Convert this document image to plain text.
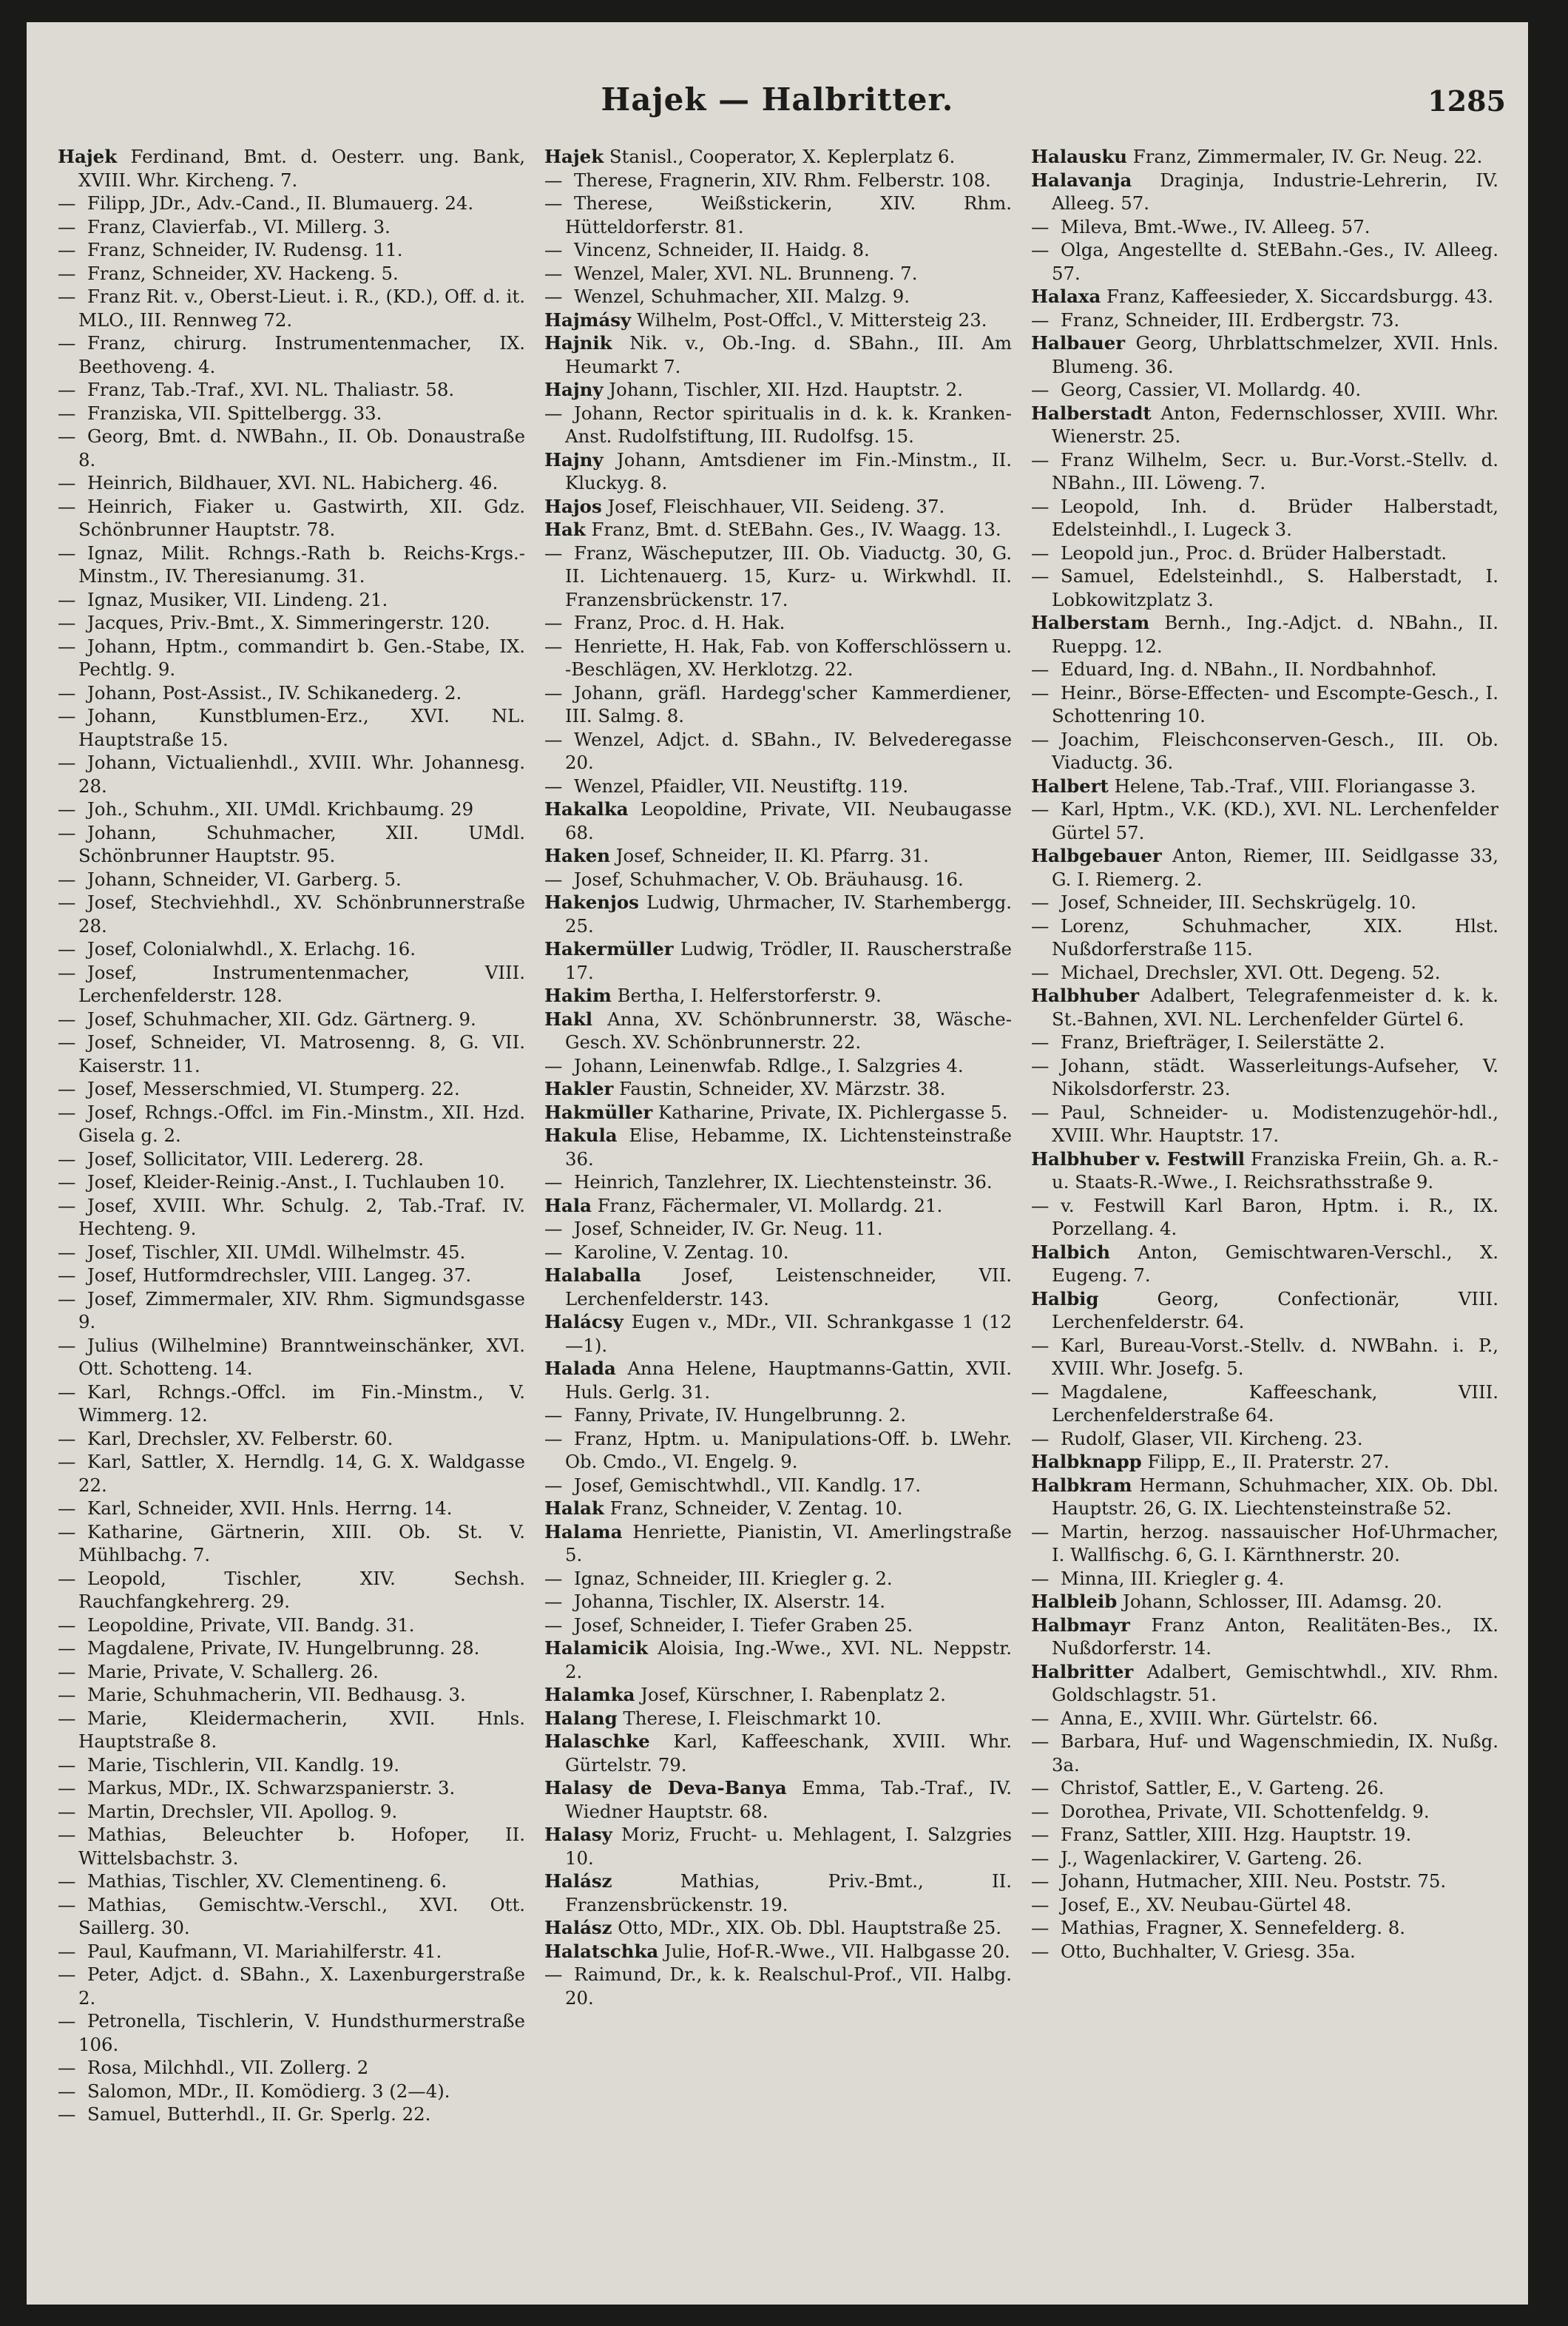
Hajek — Halbritter.	1285

Hajek Ferdinand, Bmt. d. Oesterr. ung. Bank, XVIII. Whr. Kircheng. 7.

— Filipp, JDr., Adv.-Cand., II. Blumauerg. 24.

— Franz, Clavierfab., VI. Millerg. 3.

— Franz, Schneider, IV. Rudensg. 11.

— Franz, Schneider, XV. Hackeng. 5.

— Franz Rit. v., Oberst-Lieut. i. R., (KD.), Off. d. it. MLO., III. Rennweg 72.

— Franz, chirurg. Instrumentenmacher, IX. Beethoveng. 4.

— Franz, Tab.-Traf., XVI. NL. Thaliastr. 58.

— Franziska, VII. Spittelbergg. 33.

— Georg, Bmt. d. NWBahn., II. Ob. Donaustraße 8.

— Heinrich, Bildhauer, XVI. NL. Habicherg. 46.

— Heinrich, Fiaker u. Gastwirth, XII. Gdz. Schönbrunner Hauptstr. 78.

— Ignaz, Milit. Rchngs.-Rath b. Reichs-Krgs.-Minstm., IV. Theresianumg. 31.

— Ignaz, Musiker, VII. Lindeng. 21.

— Jacques, Priv.-Bmt., X. Simmeringerstr. 120.

— Johann, Hptm., commandirt b. Gen.-Stabe, IX. Pechtlg. 9.

— Johann, Post-Assist., IV. Schikanederg. 2.

— Johann, Kunstblumen-Erz., XVI. NL. Hauptstraße 15.

— Johann, Victualienhdl., XVIII. Whr. Johannesg. 28.

— Joh., Schuhm., XII. UMdl. Krichbaumg. 29

— Johann, Schuhmacher, XII. UMdl. Schönbrunner Hauptstr. 95.

— Johann, Schneider, VI. Garberg. 5.

— Josef, Stechviehhdl., XV. Schönbrunnerstraße 28.

— Josef, Colonialwhdl., X. Erlachg. 16.

— Josef, Instrumentenmacher, VIII. Lerchenfelderstr. 128.

— Josef, Schuhmacher, XII. Gdz. Gärtnerg. 9.

— Josef, Schneider, VI. Matrosenng. 8, G. VII. Kaiserstr. 11.

— Josef, Messerschmied, VI. Stumperg. 22.

— Josef, Rchngs.-Offcl. im Fin.-Minstm., XII. Hzd. Gisela g. 2.

— Josef, Sollicitator, VIII. Ledererg. 28.

— Josef, Kleider-Reinig.-Anst., I. Tuchlauben 10.

— Josef, XVIII. Whr. Schulg. 2, Tab.-Traf. IV. Hechteng. 9.

— Josef, Tischler, XII. UMdl. Wilhelmstr. 45.

— Josef, Hutformdrechsler, VIII. Langeg. 37.

— Josef, Zimmermaler, XIV. Rhm. Sigmundsgasse 9.

— Julius (Wilhelmine) Branntweinschänker, XVI. Ott. Schotteng. 14.

— Karl, Rchngs.-Offcl. im Fin.-Minstm., V. Wimmerg. 12.

— Karl, Drechsler, XV. Felberstr. 60.

— Karl, Sattler, X. Herndlg. 14, G. X. Waldgasse 22.

— Karl, Schneider, XVII. Hnls. Herrng. 14.

— Katharine, Gärtnerin, XIII. Ob. St. V. Mühlbachg. 7.

— Leopold, Tischler, XIV. Sechsh. Rauchfangkehrerg. 29.

— Leopoldine, Private, VII. Bandg. 31.

— Magdalene, Private, IV. Hungelbrunng. 28.

— Marie, Private, V. Schallerg. 26.

— Marie, Schuhmacherin, VII. Bedhausg. 3.

— Marie, Kleidermacherin, XVII. Hnls. Hauptstraße 8.

— Marie, Tischlerin, VII. Kandlg. 19.

— Markus, MDr., IX. Schwarzspanierstr. 3.

— Martin, Drechsler, VII. Apollog. 9.

— Mathias, Beleuchter b. Hofoper, II. Wittelsbachstr. 3.

— Mathias, Tischler, XV. Clementineng. 6.

— Mathias, Gemischtw.-Verschl., XVI. Ott. Saillerg. 30.

— Paul, Kaufmann, VI. Mariahilferstr. 41.

— Peter, Adjct. d. SBahn., X. Laxenburgerstraße 2.

— Petronella, Tischlerin, V. Hundsthurmerstraße 106.

— Rosa, Milchhdl., VII. Zollerg. 2

— Salomon, MDr., II. Komödierg. 3 (2—4).

— Samuel, Butterhdl., II. Gr. Sperlg. 22.

Hajek Stanisl., Cooperator, X. Keplerplatz 6.

— Therese, Fragnerin, XIV. Rhm. Felberstr. 108.

— Therese, Weißstickerin, XIV. Rhm. Hütteldorferstr. 81.

— Vincenz, Schneider, II. Haidg. 8.

— Wenzel, Maler, XVI. NL. Brunneng. 7.

— Wenzel, Schuhmacher, XII. Malzg. 9.

Hajmásy Wilhelm, Post-Offcl., V. Mittersteig 23.

Hajnik Nik. v., Ob.-Ing. d. SBahn., III. Am Heumarkt 7.

Hajny Johann, Tischler, XII. Hzd. Hauptstr. 2.

— Johann, Rector spiritualis in d. k. k. Kranken-Anst. Rudolfstiftung, III. Rudolfsg. 15.

Hajny Johann, Amtsdiener im Fin.-Minstm., II. Kluckyg. 8.

Hajos Josef, Fleischhauer, VII. Seideng. 37.

Hak Franz, Bmt. d. StEBahn. Ges., IV. Waagg. 13.

— Franz, Wäscheputzer, III. Ob. Viaductg. 30, G. II. Lichtenauerg. 15, Kurz- u. Wirkwhdl. II. Franzensbrückenstr. 17.

— Franz, Proc. d. H. Hak.

— Henriette, H. Hak, Fab. von Kofferschlössern u. -Beschlägen, XV. Herklotzg. 22.

— Johann, gräfl. Hardegg'scher Kammerdiener, III. Salmg. 8.

— Wenzel, Adjct. d. SBahn., IV. Belvederegasse 20.

— Wenzel, Pfaidler, VII. Neustiftg. 119.

Hakalka Leopoldine, Private, VII. Neubaugasse 68.

Haken Josef, Schneider, II. Kl. Pfarrg. 31.

— Josef, Schuhmacher, V. Ob. Bräuhausg. 16.

Hakenjos Ludwig, Uhrmacher, IV. Starhembergg. 25.

Hakermüller Ludwig, Trödler, II. Rauscherstraße 17.

Hakim Bertha, I. Helferstorferstr. 9.

Hakl Anna, XV. Schönbrunnerstr. 38, Wäsche-Gesch. XV. Schönbrunnerstr. 22.

— Johann, Leinenwfab. Rdlge., I. Salzgries 4.

Hakler Faustin, Schneider, XV. Märzstr. 38.

Hakmüller Katharine, Private, IX. Pichlergasse 5.

Hakula Elise, Hebamme, IX. Lichtensteinstraße 36.

— Heinrich, Tanzlehrer, IX. Liechtensteinstr. 36.

Hala Franz, Fächermaler, VI. Mollardg. 21.

— Josef, Schneider, IV. Gr. Neug. 11.

— Karoline, V. Zentag. 10.

Halaballa Josef, Leistenschneider, VII. Lerchenfelderstr. 143.

Halácsy Eugen v., MDr., VII. Schrankgasse 1 (12—1).

Halada Anna Helene, Hauptmanns-Gattin, XVII. Huls. Gerlg. 31.

— Fanny, Private, IV. Hungelbrunng. 2.

— Franz, Hptm. u. Manipulations-Off. b. LWehr. Ob. Cmdo., VI. Engelg. 9.

— Josef, Gemischtwhdl., VII. Kandlg. 17.

Halak Franz, Schneider, V. Zentag. 10.

Halama Henriette, Pianistin, VI. Amerlingstraße 5.

— Ignaz, Schneider, III. Kriegler g. 2.

— Johanna, Tischler, IX. Alserstr. 14.

— Josef, Schneider, I. Tiefer Graben 25.

Halamicik Aloisia, Ing.-Wwe., XVI. NL. Neppstr. 2.

Halamka Josef, Kürschner, I. Rabenplatz 2.

Halang Therese, I. Fleischmarkt 10.

Halaschke Karl, Kaffeeschank, XVIII. Whr. Gürtelstr. 79.

Halasy de Deva-Banya Emma, Tab.-Traf., IV. Wiedner Hauptstr. 68.

Halasy Moriz, Frucht- u. Mehlagent, I. Salzgries 10.

Halász	Mathias, Priv.-Bmt., II. Franzensbrückenstr. 19.

Halász Otto, MDr., XIX. Ob. Dbl. Hauptstraße 25.

Halatschka Julie, Hof-R.-Wwe., VII. Halbgasse 20.

— Raimund, Dr., k. k. Realschul-Prof., VII. Halbg. 20.

Halausku Franz, Zimmermaler, IV. Gr. Neug. 22.

Halavanja Draginja, Industrie-Lehrerin, IV. Alleeg. 57.

— Mileva, Bmt.-Wwe., IV. Alleeg. 57.

— Olga, Angestellte d. StEBahn.-Ges., IV. Alleeg. 57.

Halaxa Franz, Kaffeesieder, X. Siccardsburgg. 43.

— Franz, Schneider, III. Erdbergstr. 73.

Halbauer Georg, Uhrblattschmelzer, XVII. Hnls. Blumeng. 36.

— Georg, Cassier, VI. Mollardg. 40.

Halberstadt Anton, Federnschlosser, XVIII. Whr. Wienerstr. 25.

— Franz Wilhelm, Secr. u. Bur.-Vorst.-Stellv. d. NBahn., III. Löweng. 7.

— Leopold, Inh. d. Brüder Halberstadt, Edelsteinhdl., I. Lugeck 3.

— Leopold jun., Proc. d. Brüder Halberstadt.

— Samuel, Edelsteinhdl., S. Halberstadt, I. Lobkowitzplatz 3.

Halberstam Bernh., Ing.-Adjct. d. NBahn., II. Rueppg. 12.

— Eduard, Ing. d. NBahn., II. Nordbahnhof.

— Heinr., Börse-Effecten- und Escompte-Gesch., I. Schottenring 10.

— Joachim, Fleischconserven-Gesch., III. Ob. Viaductg. 36.

Halbert Helene, Tab.-Traf., VIII. Floriangasse 3.

— Karl, Hptm., V.K. (KD.), XVI. NL. Lerchenfelder Gürtel 57.

Halbgebauer Anton, Riemer, III. Seidlgasse 33, G. I. Riemerg. 2.

— Josef, Schneider, III. Sechskrügelg. 10.

— Lorenz, Schuhmacher, XIX. Hlst. Nußdorferstraße 115.

— Michael, Drechsler, XVI. Ott. Degeng. 52.

Halbhuber Adalbert, Telegrafenmeister d. k. k. St.-Bahnen, XVI. NL. Lerchenfelder Gürtel 6.

— Franz, Briefträger, I. Seilerstätte 2.

— Johann, städt. Wasserleitungs-Aufseher, V. Nikolsdorferstr. 23.

— Paul, Schneider- u. Modistenzugehör-hdl., XVIII. Whr. Hauptstr. 17.

Halbhuber v. Festwill Franziska Freiin, Gh. a. R.- u. Staats-R.-Wwe., I. Reichsrathsstraße 9.

— v. Festwill Karl Baron, Hptm. i. R., IX. Porzellang. 4.

Halbich Anton, Gemischtwaren-Verschl., X. Eugeng. 7.

Halbig	Georg, Confectionär, VIII. Lerchenfelderstr. 64.

— Karl, Bureau-Vorst.-Stellv. d. NWBahn. i. P., XVIII. Whr. Josefg. 5.

— Magdalene, Kaffeeschank, VIII. Lerchenfelderstraße 64.

— Rudolf, Glaser, VII. Kircheng. 23.

Halbknapp Filipp, E., II. Praterstr. 27.

Halbkram Hermann, Schuhmacher, XIX. Ob. Dbl. Hauptstr. 26, G. IX. Liechtensteinstraße 52.

— Martin, herzog. nassauischer Hof-Uhrmacher, I. Wallfischg. 6, G. I. Kärnthnerstr. 20.

— Minna, III. Kriegler g. 4.

Halbleib Johann, Schlosser, III. Adamsg. 20.

Halbmayr Franz Anton, Realitäten-Bes., IX. Nußdorferstr. 14.

Halbritter Adalbert, Gemischtwhdl., XIV. Rhm. Goldschlagstr. 51.

— Anna, E., XVIII. Whr. Gürtelstr. 66.

— Barbara, Huf- und Wagenschmiedin, IX. Nußg. 3a.

— Christof, Sattler, E., V. Garteng. 26.

— Dorothea, Private, VII. Schottenfeldg. 9.

— Franz, Sattler, XIII. Hzg. Hauptstr. 19.

— J., Wagenlackirer, V. Garteng. 26.

— Johann, Hutmacher, XIII. Neu. Poststr. 75.

— Josef, E., XV. Neubau-Gürtel 48.

— Mathias, Fragner, X. Sennefelderg. 8.

— Otto, Buchhalter, V. Griesg. 35a.
